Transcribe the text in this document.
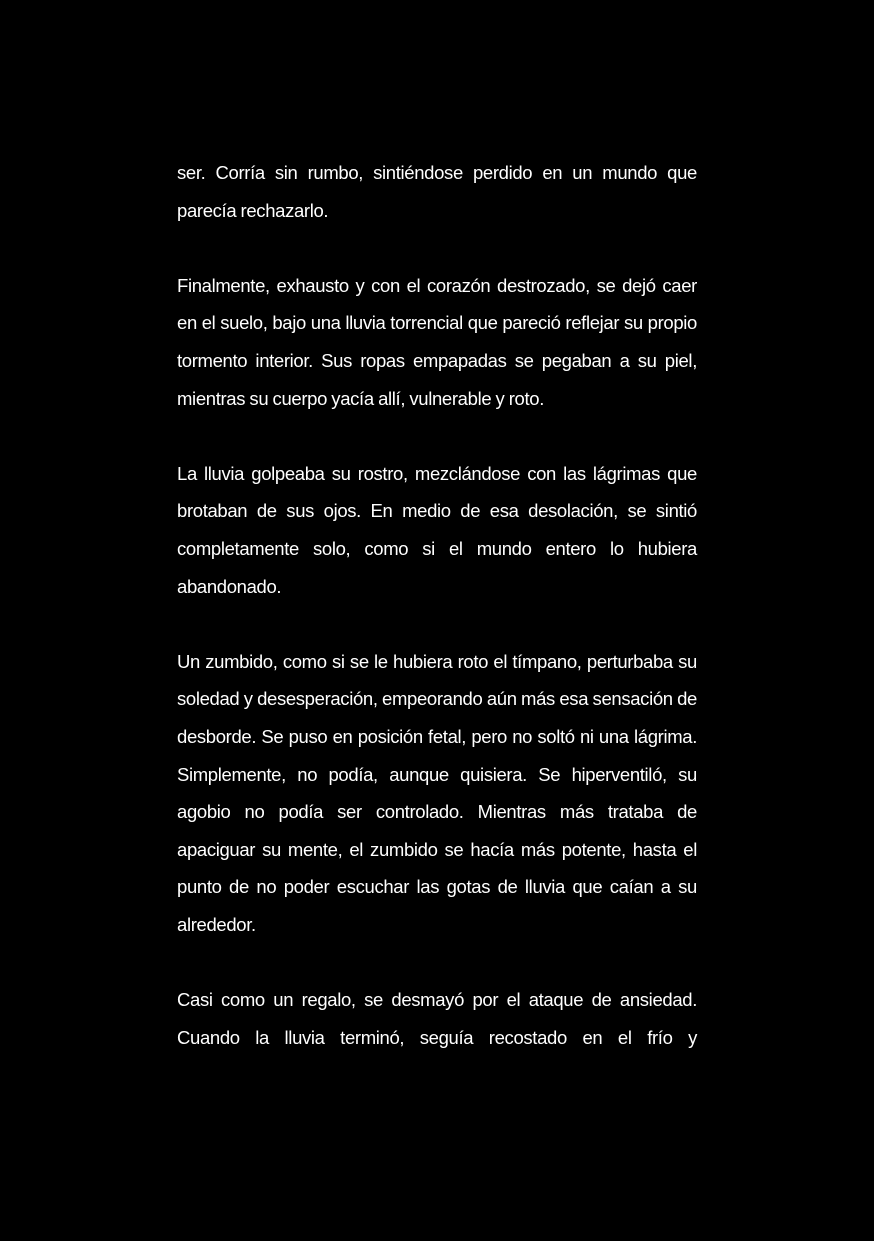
ser. Corría sin rumbo, sintiéndose perdido en un mundo que parecía rechazarlo.

Finalmente, exhausto y con el corazón destrozado, se dejó caer en el suelo, bajo una lluvia torrencial que pareció reflejar su propio tormento interior. Sus ropas empapadas se pegaban a su piel, mientras su cuerpo yacía allí, vulnerable y roto.

La lluvia golpeaba su rostro, mezclándose con las lágrimas que brotaban de sus ojos. En medio de esa desolación, se sintió completamente solo, como si el mundo entero lo hubiera abandonado.

Un zumbido, como si se le hubiera roto el tímpano, perturbaba su soledad y desesperación, empeorando aún más esa sensación de desborde. Se puso en posición fetal, pero no soltó ni una lágrima. Simplemente, no podía, aunque quisiera. Se hiperventiló, su agobio no podía ser controlado. Mientras más trataba de apaciguar su mente, el zumbido se hacía más potente, hasta el punto de no poder escuchar las gotas de lluvia que caían a su alrededor.

Casi como un regalo, se desmayó por el ataque de ansiedad. Cuando la lluvia terminó, seguía recostado en el frío y
